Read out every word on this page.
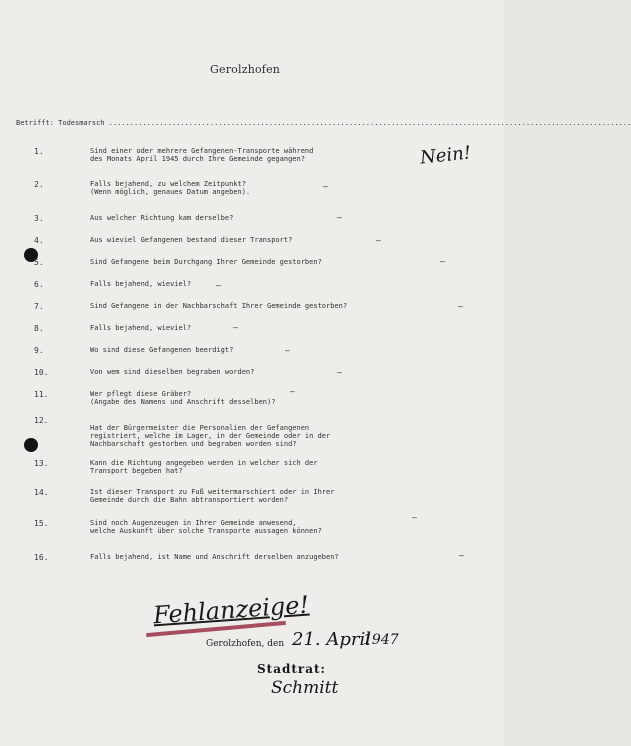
Gerolzhofen
Betrifft: Todesmarsch ............................................................................................................................
1.	Sind einer oder mehrere Gefangenen-Transporte während
des Monats April 1945 durch Ihre Gemeinde gegangen?	Nein!
2.	Falls bejahend, zu welchem Zeitpunkt?
(Wenn möglich, genaues Datum angeben).
—
3.	Aus welcher Richtung kam derselbe?	—
4.	Aus wieviel Gefangenen bestand dieser Transport?	—
5.	Sind Gefangene beim Durchgang Ihrer Gemeinde gestorben?	—
6.	Falls bejahend, wieviel?	—
7.	Sind Gefangene in der Nachbarschaft Ihrer Gemeinde gestorben?	—
8.	Falls bejahend, wieviel?	—
9.	Wo sind diese Gefangenen beerdigt?	—
10.	Von wem sind dieselben begraben worden?	—
11.	Wer pflegt diese Gräber?
(Angabe des Namens und Anschrift desselben)?
—
12.
Hat der Bürgermeister die Personalien der Gefangenen
registriert, welche im Lager, in der Gemeinde oder in der
Nachbarschaft gestorben und begraben worden sind?
13.	Kann die Richtung angegeben werden in welcher sich der
Transport begeben hat?
14.	Ist dieser Transport zu Fuß weitermarschiert oder in Ihrer
Gemeinde durch die Bahn abtransportiert worden?
15.	Sind noch Augenzeugen in Ihrer Gemeinde anwesend,
welche Auskunft über solche Transporte aussagen können?
—
16.	Falls bejahend, ist Name und Anschrift derselben anzugeben?	—
Fehlanzeige!
Gerolzhofen, den 21. April
1947
Stadtrat:
Schmitt
